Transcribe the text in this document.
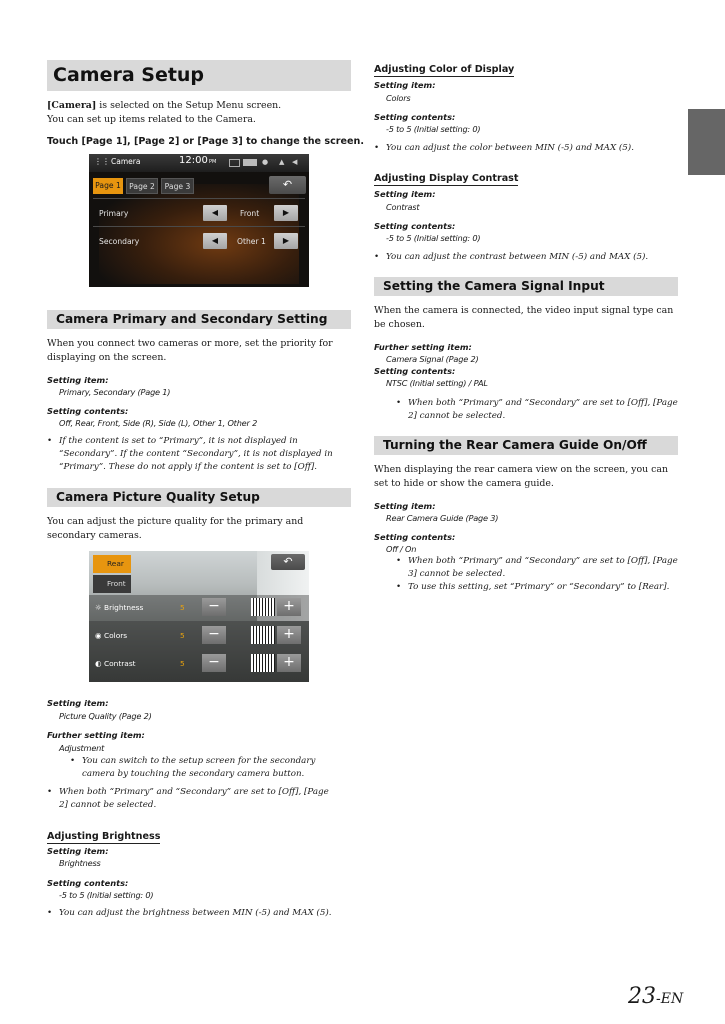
Camera Setup
[Camera] is selected on the Setup Menu screen.
You can set up items related to the Camera.
Touch [Page 1], [Page 2] or [Page 3] to change the screen.
⋮⋮ Camera	12:00 PM	● ▲ ◀
Page 1	Page 2	Page 3	↶
Primary	◀	Front	▶
Secondary	◀	Other 1	▶
Camera Primary and Secondary Setting
When you connect two cameras or more, set the priority for displaying on the screen.
Setting item:
Primary, Secondary (Page 1)
Setting contents:
Off, Rear, Front, Side (R), Side (L), Other 1, Other 2
• If the content is set to “Primary”, it is not displayed in “Secondary”. If the content “Secondary”, it is not displayed in “Primary”. These do not apply if the content is set to [Off].
Camera Picture Quality Setup
You can adjust the picture quality for the primary and secondary cameras.
Rear
Front
↶
☼ Brightness	5	−	+
◉ Colors	5	−	+
◐ Contrast	5	−	+
Setting item:
Picture Quality (Page 2)
Further setting item:
Adjustment
• You can switch to the setup screen for the secondary camera by touching the secondary camera button.
• When both “Primary” and “Secondary” are set to [Off], [Page 2] cannot be selected.
Adjusting Brightness
Setting item:
Brightness
Setting contents:
-5 to 5 (Initial setting: 0)
• You can adjust the brightness between MIN (-5) and MAX (5).
Adjusting Color of Display
Setting item:
Colors
Setting contents:
-5 to 5 (Initial setting: 0)
• You can adjust the color between MIN (-5) and MAX (5).
Adjusting Display Contrast
Setting item:
Contrast
Setting contents:
-5 to 5 (Initial setting: 0)
• You can adjust the contrast between MIN (-5) and MAX (5).
Setting the Camera Signal Input
When the camera is connected, the video input signal type can be chosen.
Further setting item:
Camera Signal (Page 2)
Setting contents:
NTSC (Initial setting) / PAL
• When both “Primary” and “Secondary” are set to [Off], [Page 2] cannot be selected.
Turning the Rear Camera Guide On/Off
When displaying the rear camera view on the screen, you can set to hide or show the camera guide.
Setting item:
Rear Camera Guide (Page 3)
Setting contents:
Off / On
• When both “Primary” and “Secondary” are set to [Off], [Page 3] cannot be selected.
• To use this setting, set “Primary” or “Secondary” to [Rear].
23-EN
